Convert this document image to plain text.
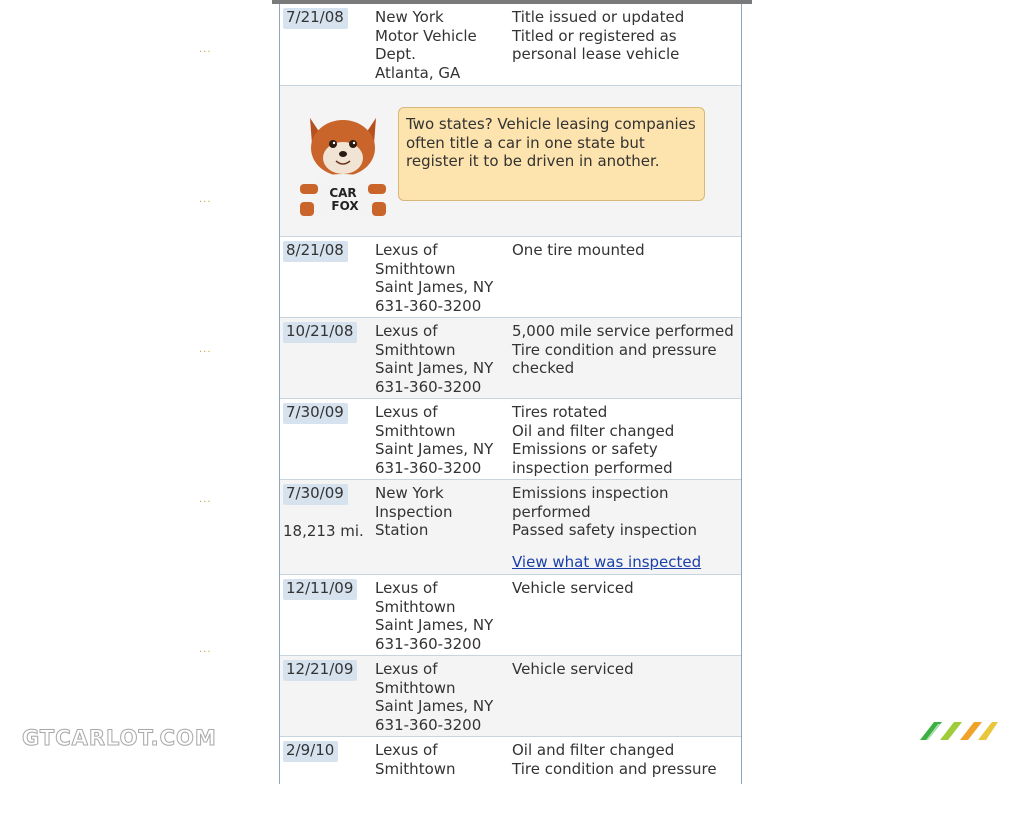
...
...
...
...
...
7/21/08 New York
Motor Vehicle
Dept.
Atlanta, GA
Title issued or updated
Titled or registered as personal lease vehicle
CAR
FOX
Two states? Vehicle leasing companies often title a car in one state but register it to be driven in another.
8/21/08 Lexus of
Smithtown
Saint James, NY
631-360-3200
One tire mounted
10/21/08 Lexus of
Smithtown
Saint James, NY
631-360-3200
5,000 mile service performed
Tire condition and pressure checked
7/30/09 Lexus of
Smithtown
Saint James, NY
631-360-3200
Tires rotated
Oil and filter changed
Emissions or safety inspection performed
7/30/09
18,213 mi.
New York
Inspection Station
Emissions inspection performed
Passed safety inspection
View what was inspected
12/11/09 Lexus of
Smithtown
Saint James, NY
631-360-3200
Vehicle serviced
12/21/09 Lexus of
Smithtown
Saint James, NY
631-360-3200
Vehicle serviced
2/9/10	Lexus of
Smithtown
Oil and filter changed
Tire condition and pressure
GTCARLOT.COM
